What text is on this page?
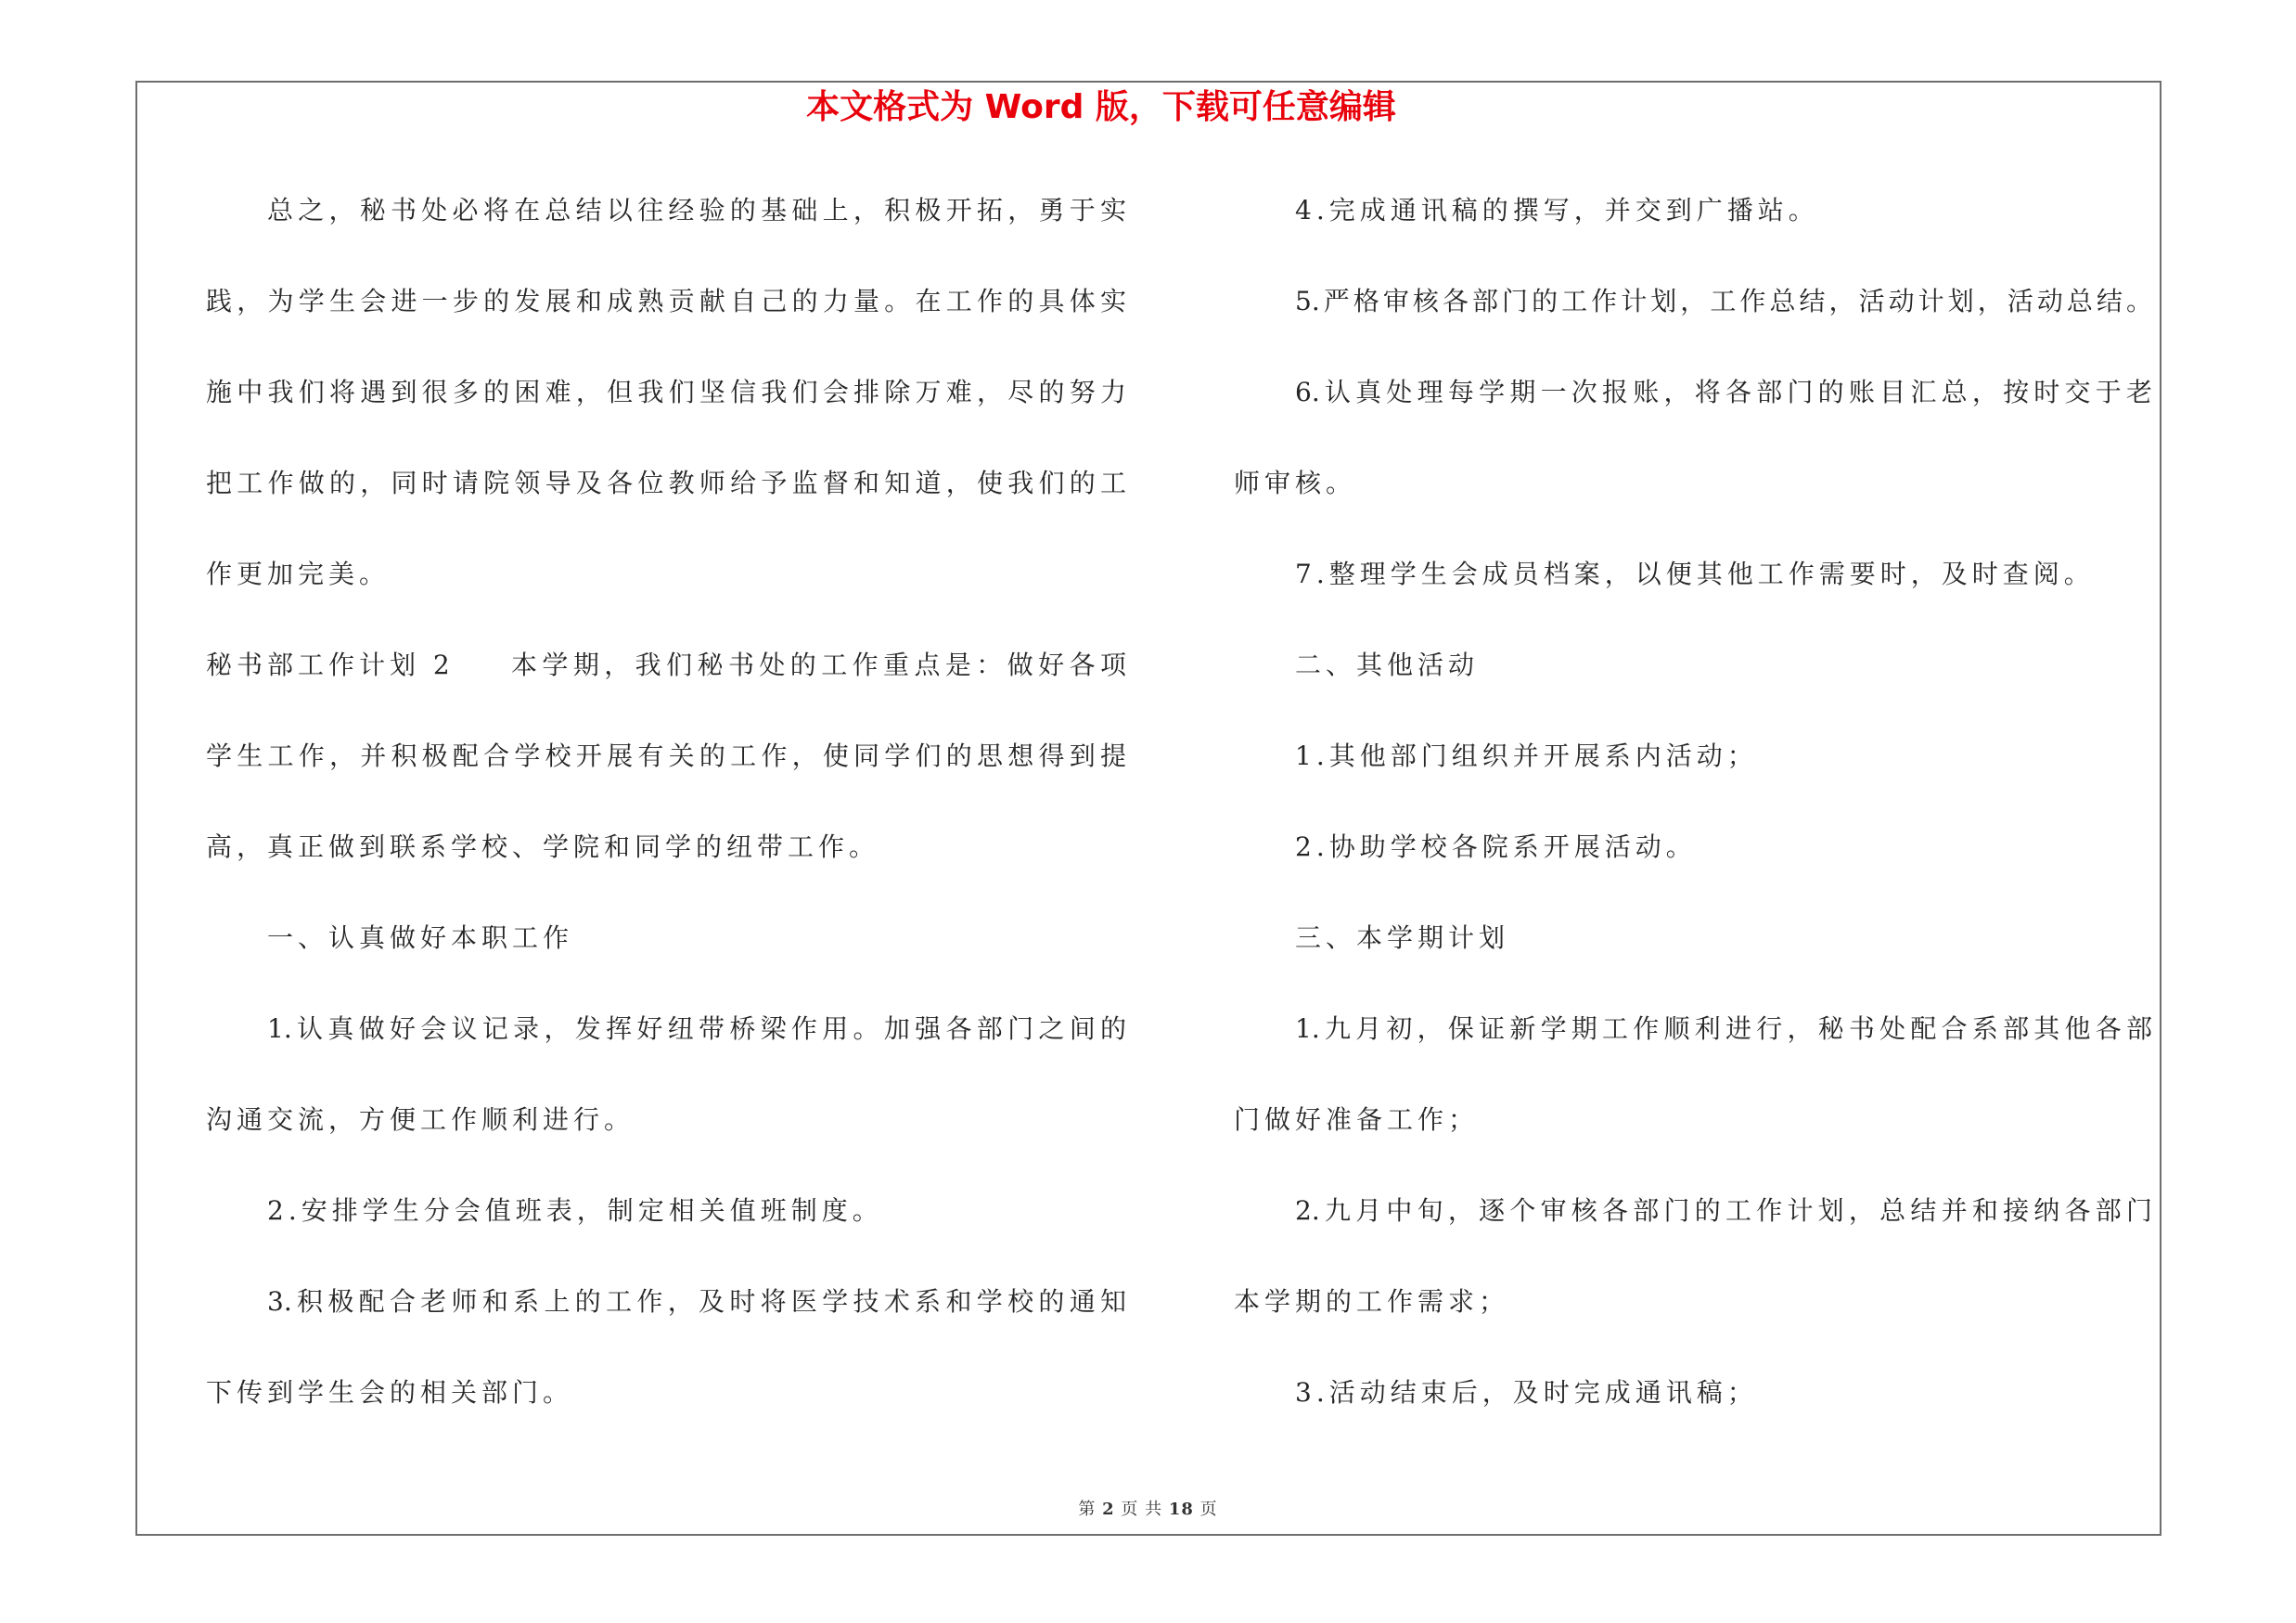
本文格式为 Word 版，下载可任意编辑
总之，秘书处必将在总结以往经验的基础上，积极开拓，勇于实
践，为学生会进一步的发展和成熟贡献自己的力量。在工作的具体实
施中我们将遇到很多的困难，但我们坚信我们会排除万难，尽的努力
把工作做的，同时请院领导及各位教师给予监督和知道，使我们的工
作更加完美。
秘书部工作计划 2 本学期，我们秘书处的工作重点是：做好各项
学生工作，并积极配合学校开展有关的工作，使同学们的思想得到提
高，真正做到联系学校、学院和同学的纽带工作。
一、认真做好本职工作
1.认真做好会议记录，发挥好纽带桥梁作用。加强各部门之间的
沟通交流，方便工作顺利进行。
2.安排学生分会值班表，制定相关值班制度。
3.积极配合老师和系上的工作，及时将医学技术系和学校的通知
下传到学生会的相关部门。
4.完成通讯稿的撰写，并交到广播站。
5.严格审核各部门的工作计划，工作总结，活动计划，活动总结。
6.认真处理每学期一次报账，将各部门的账目汇总，按时交于老
师审核。
7.整理学生会成员档案，以便其他工作需要时，及时查阅。
二、其他活动
1.其他部门组织并开展系内活动；
2.协助学校各院系开展活动。
三、本学期计划
1.九月初，保证新学期工作顺利进行，秘书处配合系部其他各部
门做好准备工作；
2.九月中旬，逐个审核各部门的工作计划，总结并和接纳各部门
本学期的工作需求；
3.活动结束后，及时完成通讯稿；
第 2 页 共 18 页
